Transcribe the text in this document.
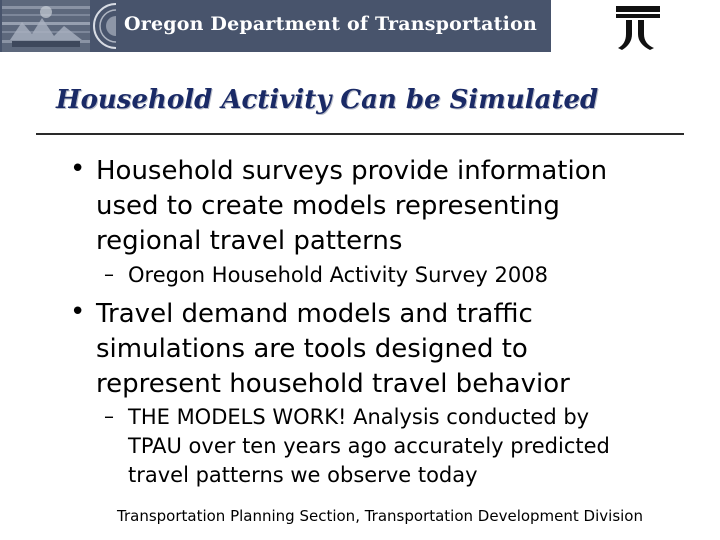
Oregon Department of Transportation
Household Activity Can be Simulated
• Household surveys provide information
used to create models representing
regional travel patterns
– Oregon Household Activity Survey 2008
• Travel demand models and traffic
simulations are tools designed to
represent household travel behavior
– THE MODELS WORK! Analysis conducted by
TPAU over ten years ago accurately predicted
travel patterns we observe today
Transportation Planning Section, Transportation Development Division
